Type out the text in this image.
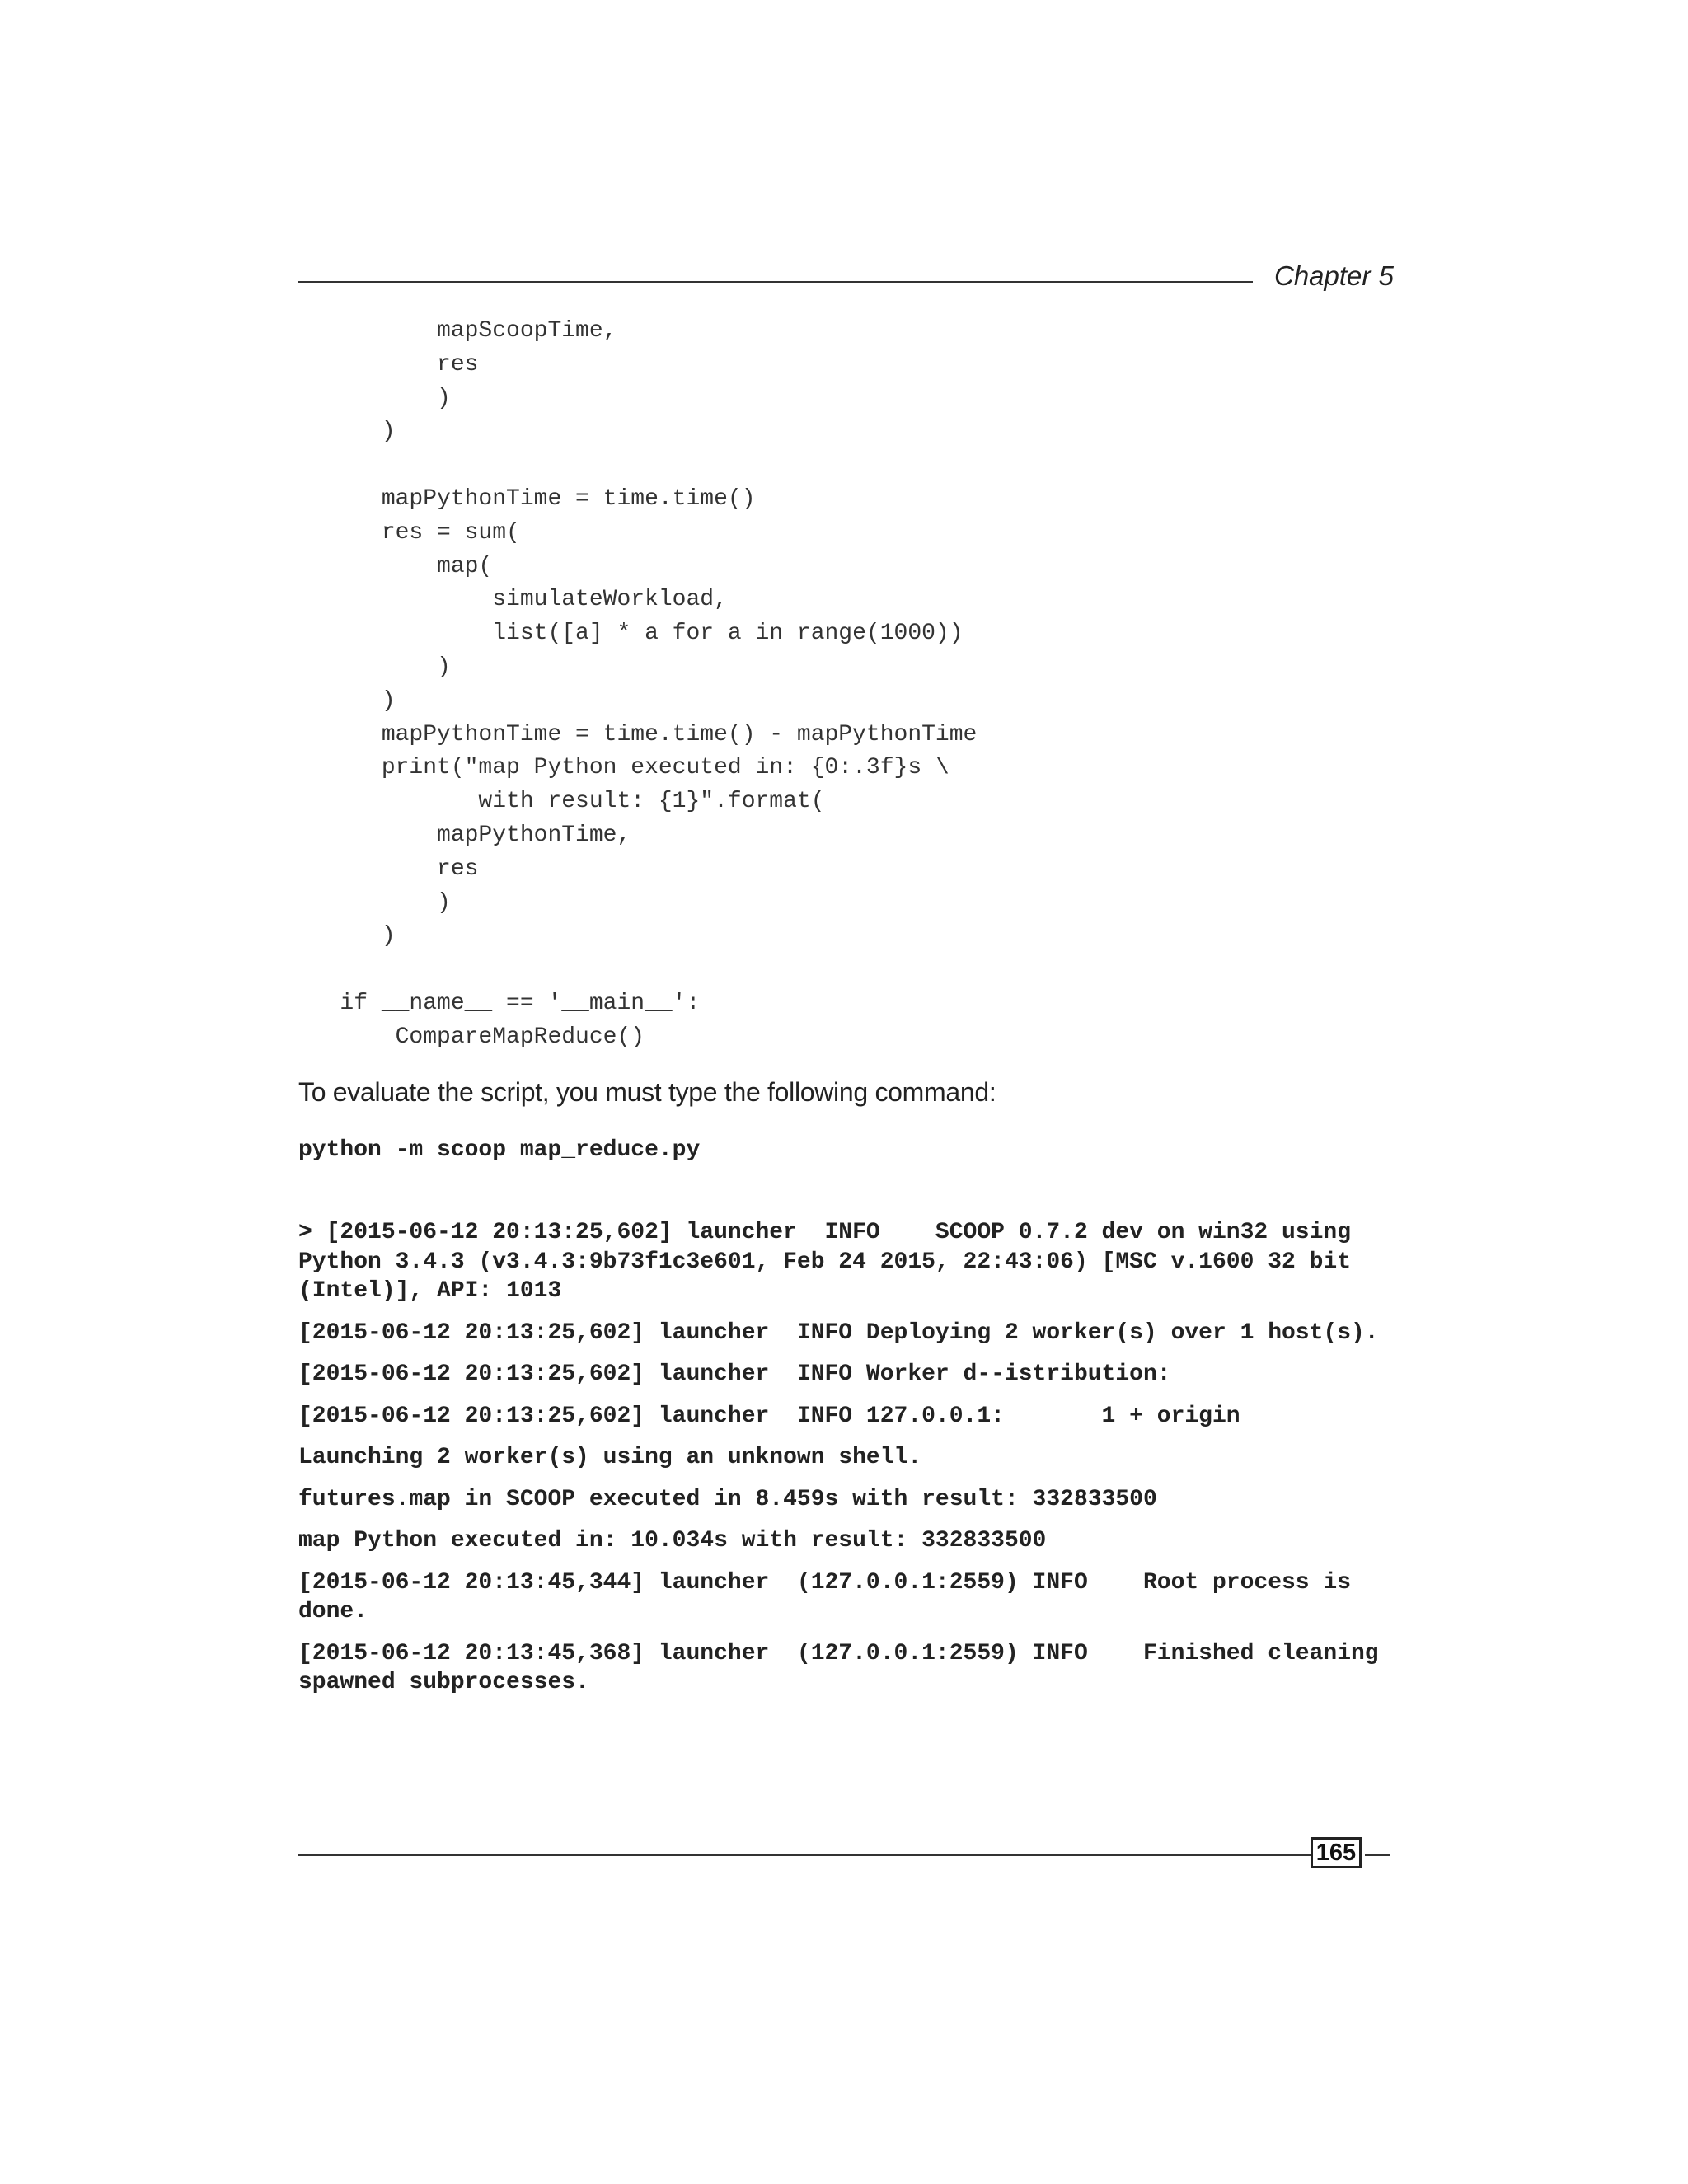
Chapter 5
mapScoopTime,
res
)
)

mapPythonTime = time.time()
res = sum(
map(
simulateWorkload,
list([a] * a for a in range(1000))
)
)
mapPythonTime = time.time() - mapPythonTime
print("map Python executed in: {0:.3f}s \
with result: {1}".format(
mapPythonTime,
res
)
)

if __name__ == '__main__':
CompareMapReduce()
To evaluate the script, you must type the following command:
python -m scoop map_reduce.py
> [2015-06-12 20:13:25,602] launcher  INFO    SCOOP 0.7.2 dev on win32 using Python 3.4.3 (v3.4.3:9b73f1c3e601, Feb 24 2015, 22:43:06) [MSC v.1600 32 bit (Intel)], API: 1013
[2015-06-12 20:13:25,602] launcher  INFO Deploying 2 worker(s) over 1 host(s).
[2015-06-12 20:13:25,602] launcher  INFO Worker d--istribution:
[2015-06-12 20:13:25,602] launcher  INFO 127.0.0.1:       1 + origin
Launching 2 worker(s) using an unknown shell.
futures.map in SCOOP executed in 8.459s with result: 332833500
map Python executed in: 10.034s with result: 332833500
[2015-06-12 20:13:45,344] launcher  (127.0.0.1:2559) INFO    Root process is done.
[2015-06-12 20:13:45,368] launcher  (127.0.0.1:2559) INFO    Finished cleaning spawned subprocesses.
165
